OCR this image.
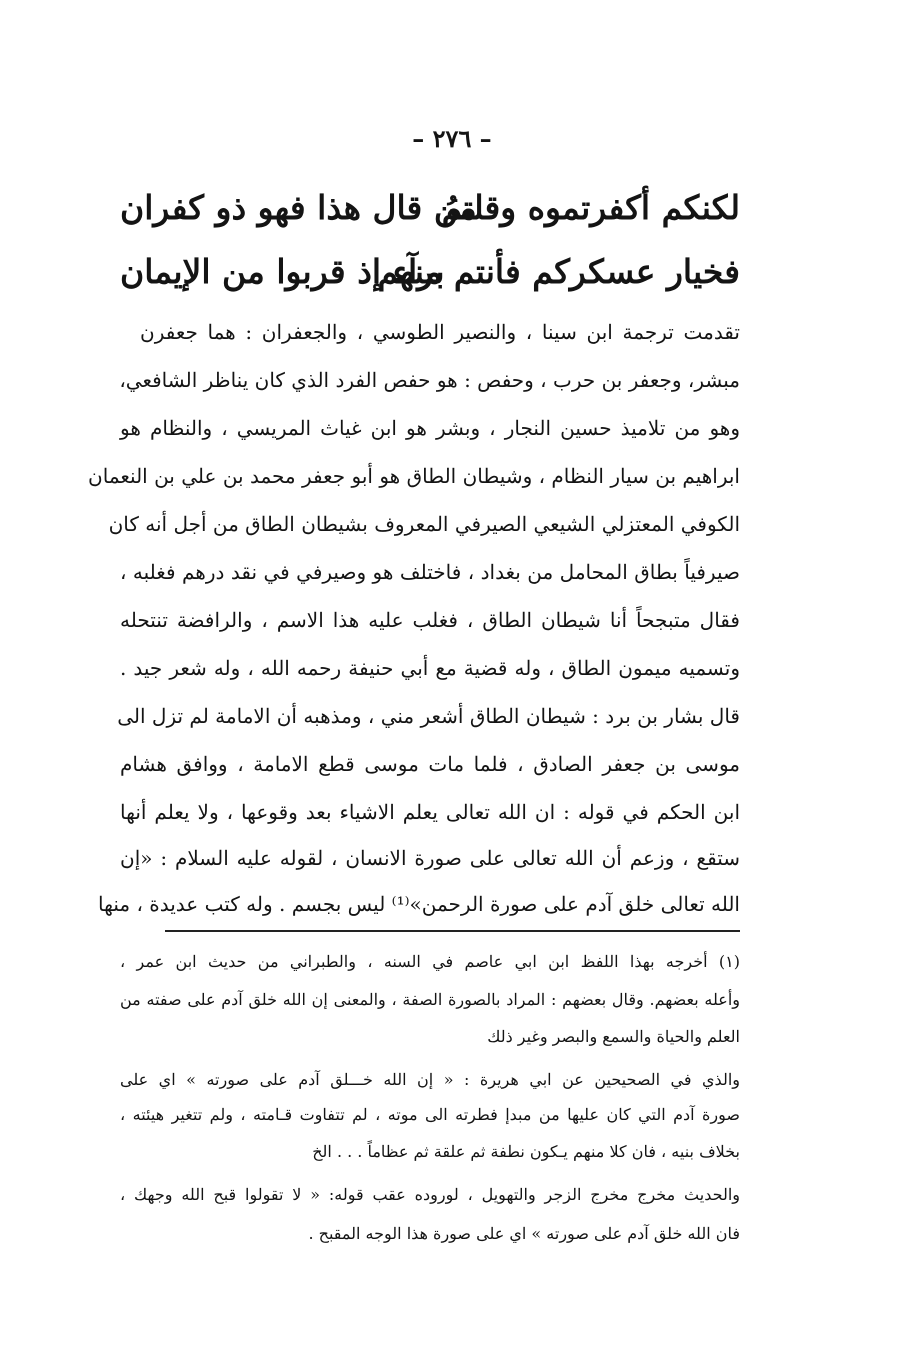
– ٢٧٦ –
لكنكم أكفرتموه وقلتمُ
من قال هذا فهو ذو كفران
فخيار عسكركم فأنتم منهم
برآء إذ قربوا من الإيمان
تقدمت ترجمة ابن سينا ، والنصير الطوسي ، والجعفران : هما جعفرن
مبشر، وجعفر بن حرب ، وحفص : هو حفص الفرد الذي كان يناظر الشافعي،
وهو من تلاميذ حسين النجار ، وبشر هو ابن غياث المريسي ، والنظام هو
ابراهيم بن سيار النظام ، وشيطان الطاق هو أبو جعفر محمد بن علي بن النعمان
الكوفي المعتزلي الشيعي الصيرفي المعروف بشيطان الطاق من أجل أنه كان
صيرفياً بطاق المحامل من بغداد ، فاختلف هو وصيرفي في نقد درهم فغلبه ،
فقال متبجحاً أنا شيطان الطاق ، فغلب عليه هذا الاسم ، والرافضة تنتحله
وتسميه ميمون الطاق ، وله قضية مع أبي حنيفة رحمه الله ، وله شعر جيد .
قال بشار بن برد : شيطان الطاق أشعر مني ، ومذهبه أن الامامة لم تزل الى
موسى بن جعفر الصادق ، فلما مات موسى قطع الامامة ، ووافق هشام
ابن الحكم في قوله : ان الله تعالى يعلم الاشياء بعد وقوعها ، ولا يعلم أنها
ستقع ، وزعم أن الله تعالى على صورة الانسان ، لقوله عليه السلام : «إن
الله تعالى خلق آدم على صورة الرحمن»⁽¹⁾ ليس بجسم . وله كتب عديدة ، منها
(١) أخرجه بهذا اللفظ ابن ابي عاصم في السنه ، والطبراني من حديث ابن عمر ،
وأعله بعضهم. وقال بعضهم : المراد بالصورة الصفة ، والمعنى إن الله خلق آدم على صفته من
العلم والحياة والسمع والبصر وغير ذلك
والذي في الصحيحين عن ابي هريرة : « إن الله خـــلق آدم على صورته » اي على
صورة آدم التي كان عليها من مبدإ فطرته الى موته ، لم تتفاوت قـامته ، ولم تتغير هيئته ،
بخلاف بنيه ، فان كلا منهم يـكون نطفة ثم علقة ثم عظاماً . . . الخ
والحديث مخرج مخرج الزجر والتهويل ، لوروده عقب قوله: « لا تقولوا قبح الله وجهك ،
فان الله خلق آدم على صورته » اي على صورة هذا الوجه المقبح .
